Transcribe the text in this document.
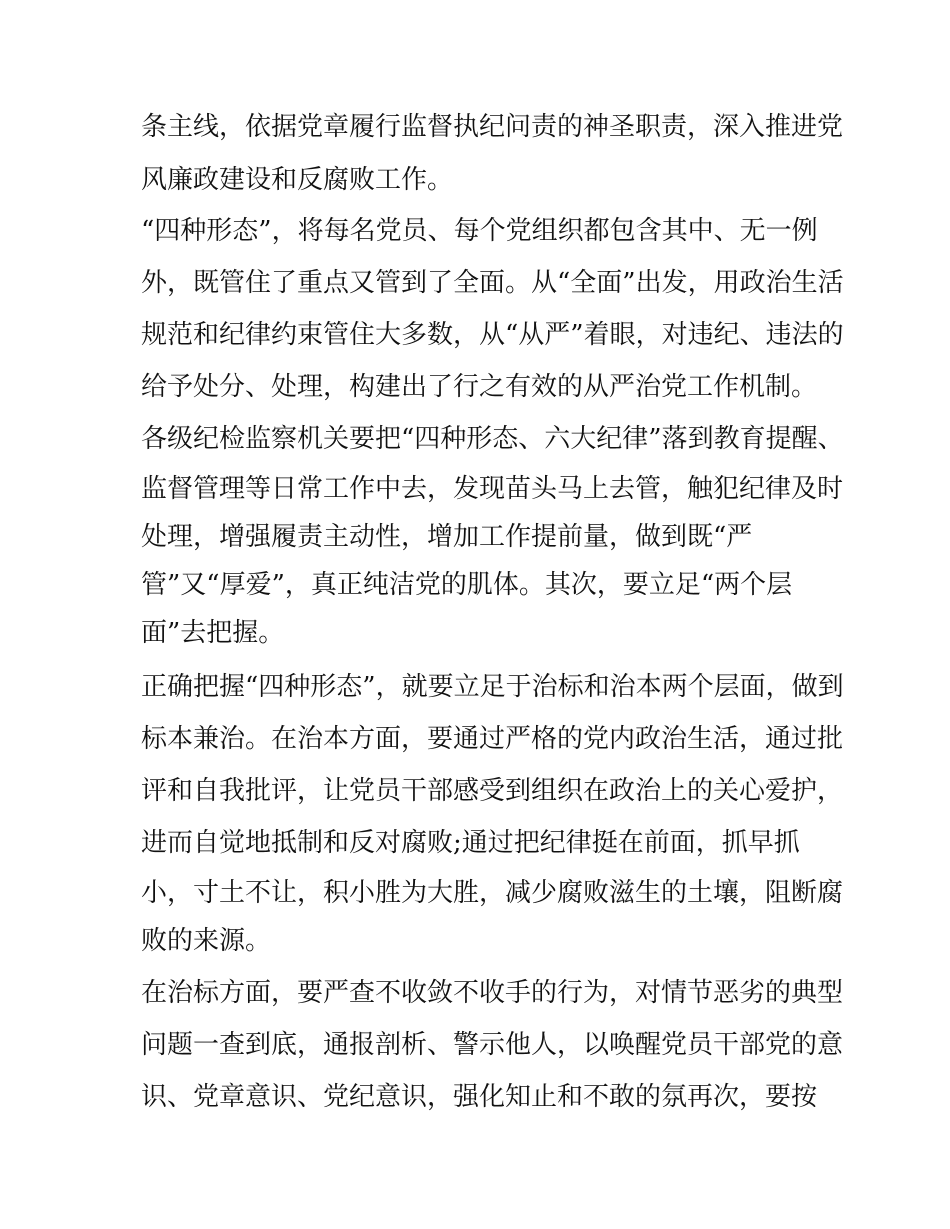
条主线，依据党章履行监督执纪问责的神圣职责，深入推进党

风廉政建设和反腐败工作。

“四种形态”，将每名党员、每个党组织都包含其中、无一例

外，既管住了重点又管到了全面。从“全面”出发，用政治生活

规范和纪律约束管住大多数，从“从严”着眼，对违纪、违法的

给予处分、处理，构建出了行之有效的从严治党工作机制。

各级纪检监察机关要把“四种形态、六大纪律”落到教育提醒、

监督管理等日常工作中去，发现苗头马上去管，触犯纪律及时

处理，增强履责主动性，增加工作提前量，做到既“严

管”又“厚爱”，真正纯洁党的肌体。其次，要立足“两个层

面”去把握。

正确把握“四种形态”，就要立足于治标和治本两个层面，做到

标本兼治。在治本方面，要通过严格的党内政治生活，通过批

评和自我批评，让党员干部感受到组织在政治上的关心爱护，

进而自觉地抵制和反对腐败;通过把纪律挺在前面，抓早抓

小，寸土不让，积小胜为大胜，减少腐败滋生的土壤，阻断腐

败的来源。

在治标方面，要严查不收敛不收手的行为，对情节恶劣的典型

问题一查到底，通报剖析、警示他人，以唤醒党员干部党的意

识、党章意识、党纪意识，强化知止和不敢的氛再次，要按
